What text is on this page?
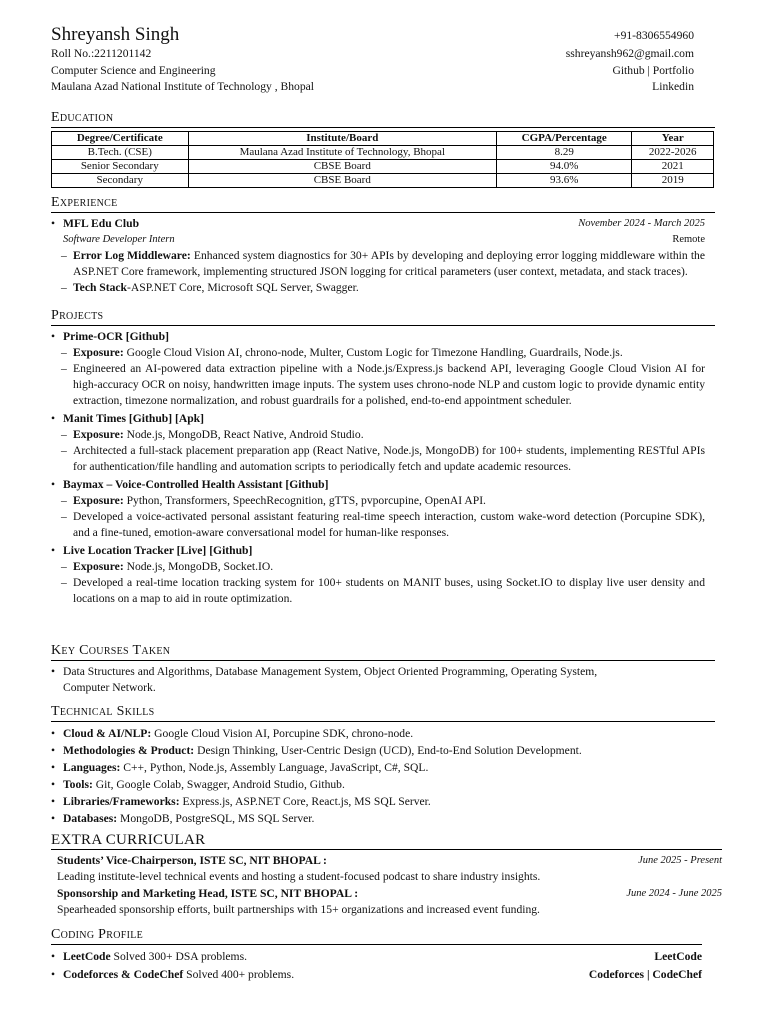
Shreyansh Singh	+91-8306554960
Roll No.:2211201142	sshreyansh962@gmail.com
Computer Science and Engineering	Github | Portfolio
Maulana Azad National Institute of Technology , Bhopal	Linkedin
Education
Degree/Certificate	Institute/Board	CGPA/Percentage	Year
B.Tech. (CSE)	Maulana Azad Institute of Technology, Bhopal	8.29	2022-2026
Senior Secondary	CBSE Board	94.0%	2021
Secondary	CBSE Board	93.6%	2019
Experience
• MFL Edu Club	November 2024 - March 2025
Software Developer Intern	Remote
– Error Log Middleware: Enhanced system diagnostics for 30+ APIs by developing and deploying error logging middleware within the ASP.NET Core framework, implementing structured JSON logging for critical parameters (user context, metadata, and stack traces).
– Tech Stack-ASP.NET Core, Microsoft SQL Server, Swagger.
Projects
• Prime-OCR [Github]
– Exposure: Google Cloud Vision AI, chrono-node, Multer, Custom Logic for Timezone Handling, Guardrails, Node.js.
– Engineered an AI-powered data extraction pipeline with a Node.js/Express.js backend API, leveraging Google Cloud Vision AI for high-accuracy OCR on noisy, handwritten image inputs. The system uses chrono-node NLP and custom logic to provide dynamic entity extraction, timezone normalization, and robust guardrails for a polished, end-to-end appointment scheduler.
• Manit Times [Github] [Apk]
– Exposure: Node.js, MongoDB, React Native, Android Studio.
– Architected a full-stack placement preparation app (React Native, Node.js, MongoDB) for 100+ students, implementing RESTful APIs for authentication/file handling and automation scripts to periodically fetch and update academic resources.
• Baymax – Voice-Controlled Health Assistant [Github]
– Exposure: Python, Transformers, SpeechRecognition, gTTS, pvporcupine, OpenAI API.
– Developed a voice-activated personal assistant featuring real-time speech interaction, custom wake-word detection (Porcupine SDK), and a fine-tuned, emotion-aware conversational model for human-like responses.
• Live Location Tracker [Live] [Github]
– Exposure: Node.js, MongoDB, Socket.IO.
– Developed a real-time location tracking system for 100+ students on MANIT buses, using Socket.IO to display live user density and locations on a map to aid in route optimization.
Key Courses Taken
• Data Structures and Algorithms, Database Management System, Object Oriented Programming, Operating System, Computer Network.
Technical Skills
• Cloud & AI/NLP: Google Cloud Vision AI, Porcupine SDK, chrono-node.
• Methodologies & Product: Design Thinking, User-Centric Design (UCD), End-to-End Solution Development.
• Languages: C++, Python, Node.js, Assembly Language, JavaScript, C#, SQL.
• Tools: Git, Google Colab, Swagger, Android Studio, Github.
• Libraries/Frameworks: Express.js, ASP.NET Core, React.js, MS SQL Server.
• Databases: MongoDB, PostgreSQL, MS SQL Server.
EXTRA CURRICULAR
Students’ Vice-Chairperson, ISTE SC, NIT BHOPAL :	June 2025 - Present
Leading institute-level technical events and hosting a student-focused podcast to share industry insights.
Sponsorship and Marketing Head, ISTE SC, NIT BHOPAL :	June 2024 - June 2025
Spearheaded sponsorship efforts, built partnerships with 15+ organizations and increased event funding.
Coding Profile
• LeetCode Solved 300+ DSA problems.	LeetCode
• Codeforces & CodeChef Solved 400+ problems.	Codeforces | CodeChef
